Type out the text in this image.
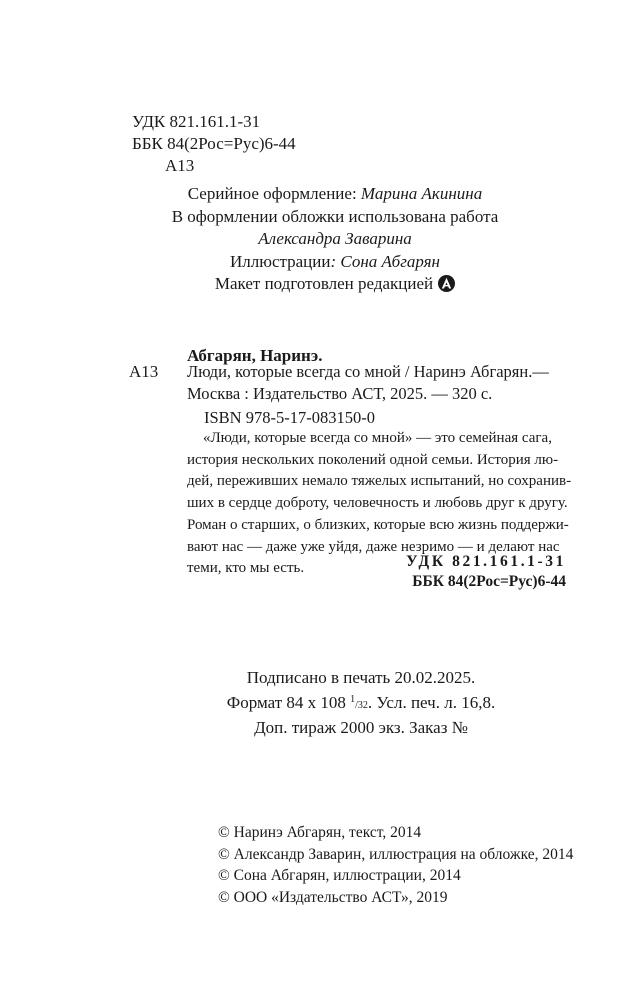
УДК 821.161.1-31
ББК 84(2Рос=Рус)6-44
А13
Серийное оформление: Марина Акинина
В оформлении обложки использована работа
Александра Заварина
Иллюстрации: Сона Абгарян
Макет подготовлен редакцией
Абгарян, Наринэ.
А13 Люди, которые всегда со мной / Наринэ Абгарян.—
Москва : Издательство АСТ, 2025. — 320 с.
ISBN 978-5-17-083150-0
«Люди, которые всегда со мной» — это семейная сага,
история нескольких поколений одной семьи. История лю-
дей, переживших немало тяжелых испытаний, но сохранив-
ших в сердце доброту, человечность и любовь друг к другу.
Роман о старших, о близких, которые всю жизнь поддержи-
вают нас — даже уже уйдя, даже незримо — и делают нас
теми, кто мы есть.	УДК 821.161.1-31
ББК 84(2Рос=Рус)6-44
Подписано в печать 20.02.2025.
Формат 84 x 108 $^1$/32. Усл. печ. л. 16,8.
Доп. тираж 2000 экз. Заказ №
© Наринэ Абгарян, текст, 2014
© Александр Заварин, иллюстрация на обложке, 2014
© Сона Абгарян, иллюстрации, 2014
© ООО «Издательство АСТ», 2019
